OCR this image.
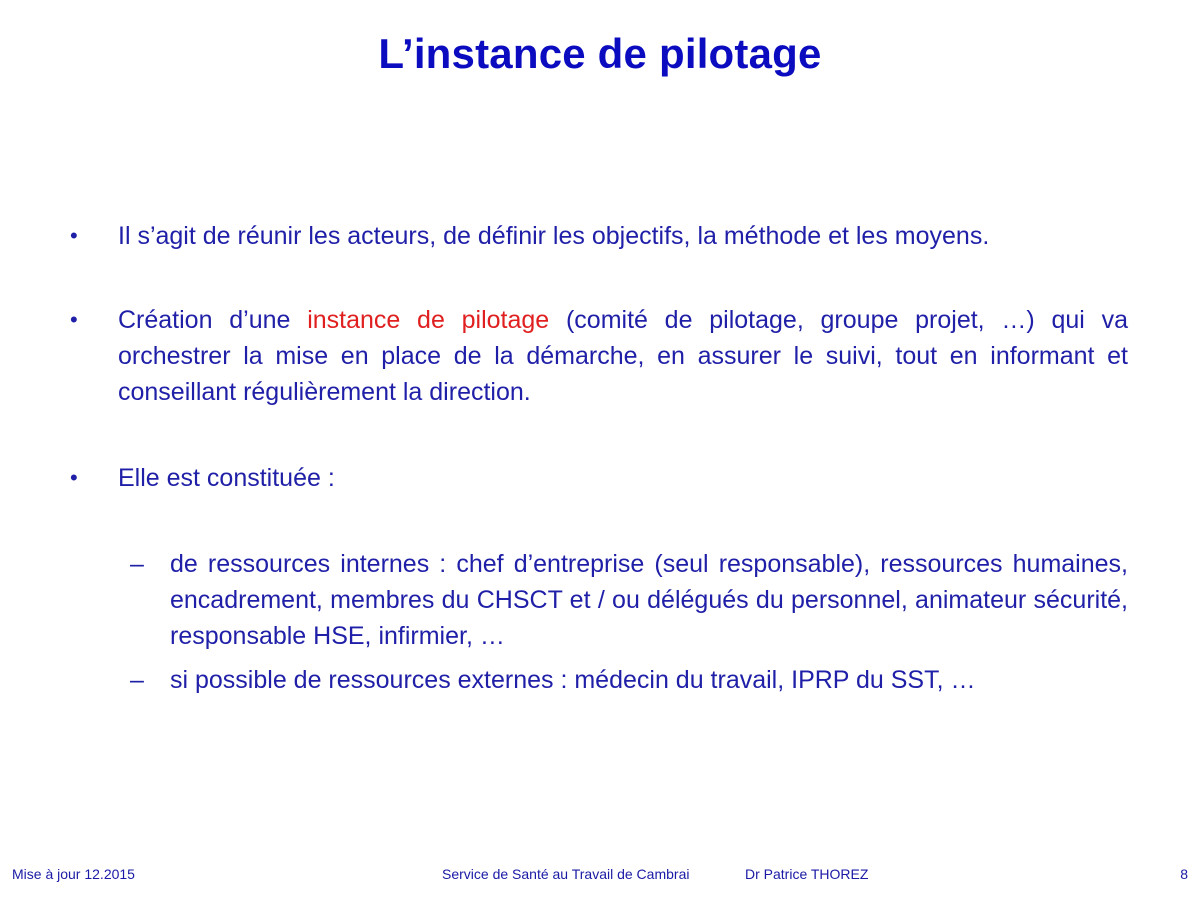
L’instance de pilotage
•	Il s’agit de réunir les acteurs, de définir les objectifs, la méthode et les moyens.
•	Création d’une instance de pilotage (comité de pilotage, groupe projet, …) qui va orchestrer la mise en place de la démarche, en assurer le suivi, tout en informant et conseillant régulièrement la direction.
•	Elle est constituée :
–	de ressources internes : chef d’entreprise (seul responsable), ressources humaines, encadrement, membres du CHSCT et / ou délégués du personnel, animateur sécurité, responsable HSE, infirmier, …
–	si possible de ressources externes : médecin du travail, IPRP du SST, …
Mise à jour 12.2015	Service de Santé au Travail de Cambrai	Dr Patrice THOREZ	8
